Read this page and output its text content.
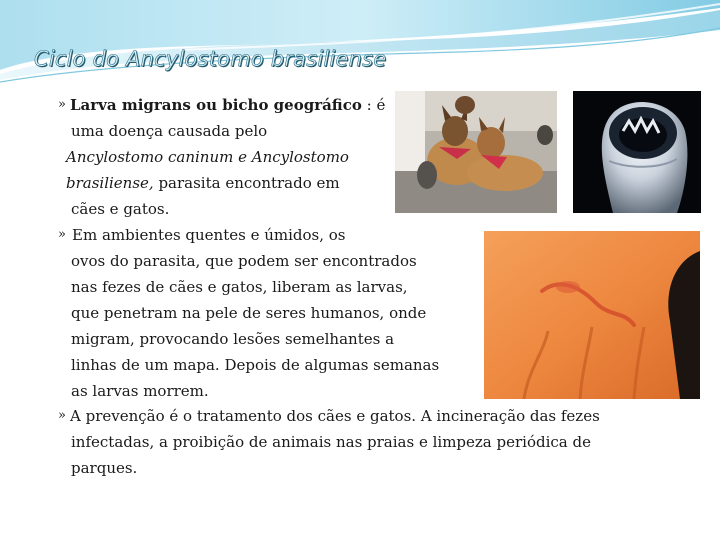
Ciclo do Ancylostomo brasiliense
» Larva migrans ou bicho geográfico : é
uma doença causada pelo
Ancylostomo caninum e Ancylostomo
brasiliense, parasita encontrado em
cães e gatos.
» Em ambientes quentes e úmidos, os
ovos do parasita, que podem ser encontrados
nas fezes de cães e gatos, liberam as larvas,
que penetram na pele de seres humanos, onde
migram, provocando lesões semelhantes a
linhas de um mapa. Depois de algumas semanas
as larvas morrem.
» A prevenção é o tratamento dos cães e gatos. A incineração das fezes
infectadas, a proibição de animais nas praias e limpeza periódica de
parques.
